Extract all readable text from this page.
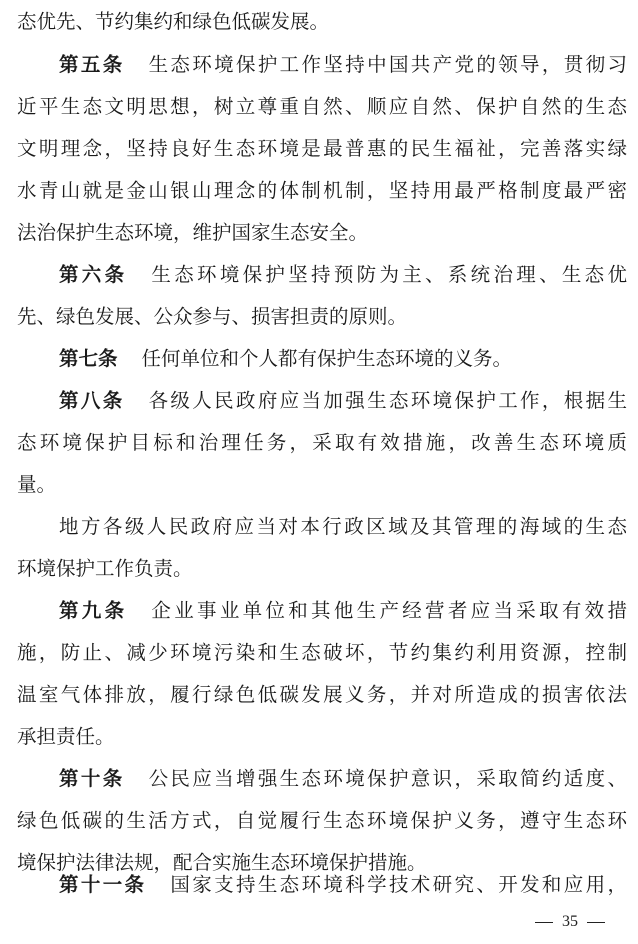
态优先、节约集约和绿色低碳发展。
第五条 生态环境保护工作坚持中国共产党的领导，贯彻习
近平生态文明思想，树立尊重自然、顺应自然、保护自然的生态
文明理念，坚持良好生态环境是最普惠的民生福祉，完善落实绿
水青山就是金山银山理念的体制机制，坚持用最严格制度最严密
法治保护生态环境，维护国家生态安全。
第六条 生态环境保护坚持预防为主、系统治理、生态优
先、绿色发展、公众参与、损害担责的原则。
第七条 任何单位和个人都有保护生态环境的义务。
第八条 各级人民政府应当加强生态环境保护工作，根据生
态环境保护目标和治理任务，采取有效措施，改善生态环境质
量。
地方各级人民政府应当对本行政区域及其管理的海域的生态
环境保护工作负责。
第九条 企业事业单位和其他生产经营者应当采取有效措
施，防止、减少环境污染和生态破坏，节约集约利用资源，控制
温室气体排放，履行绿色低碳发展义务，并对所造成的损害依法
承担责任。
第十条 公民应当增强生态环境保护意识，采取简约适度、
绿色低碳的生活方式，自觉履行生态环境保护义务，遵守生态环
境保护法律法规，配合实施生态环境保护措施。
第十一条 国家支持生态环境科学技术研究、开发和应用，
35
